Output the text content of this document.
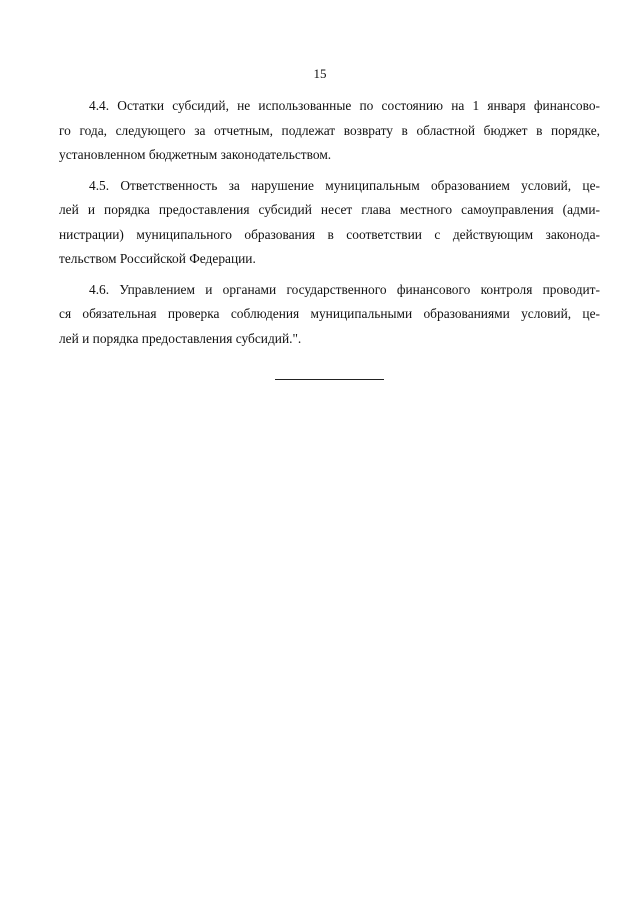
15
4.4. Остатки субсидий, не использованные по состоянию на 1 января финансово-
го года, следующего за отчетным, подлежат возврату в областной бюджет в порядке,
установленном бюджетным законодательством.
4.5. Ответственность за нарушение муниципальным образованием условий, це-
лей и порядка предоставления субсидий несет глава местного самоуправления (адми-
нистрации) муниципального образования в соответствии с действующим законода-
тельством Российской Федерации.
4.6. Управлением и органами государственного финансового контроля проводит-
ся обязательная проверка соблюдения муниципальными образованиями условий, це-
лей и порядка предоставления субсидий.".
